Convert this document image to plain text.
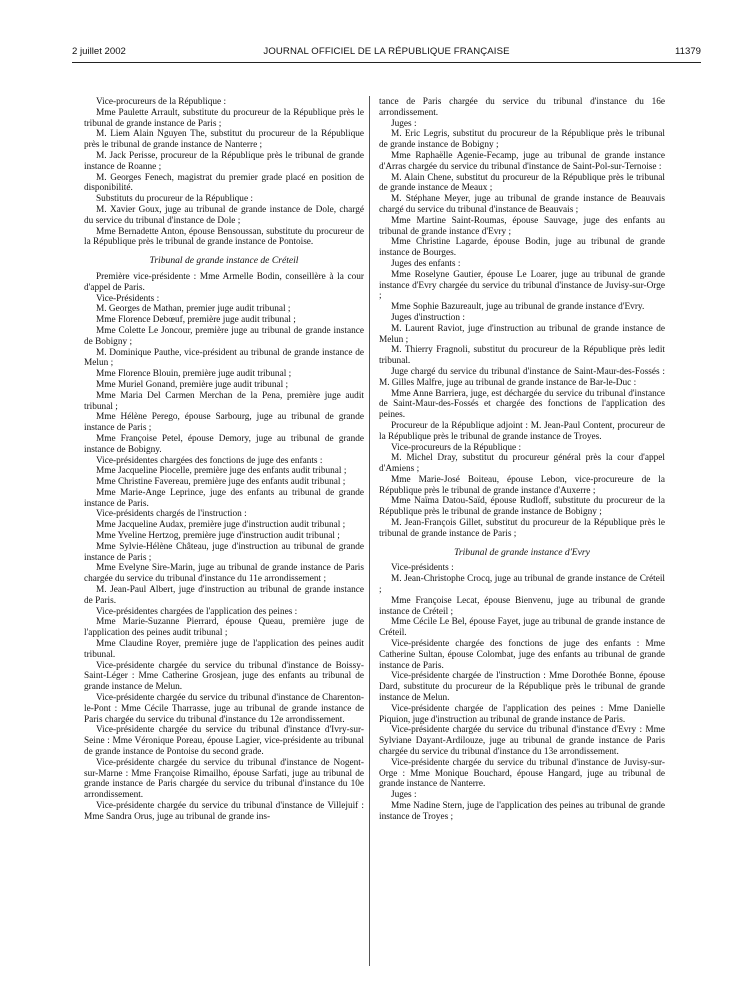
2 juillet 2002	JOURNAL OFFICIEL DE LA RÉPUBLIQUE FRANÇAISE	11379

Vice-procureurs de la République :

Mme Paulette Arrault, substitute du procureur de la République près le tribunal de grande instance de Paris ;

M. Liem Alain Nguyen The, substitut du procureur de la République près le tribunal de grande instance de Nanterre ;

M. Jack Perisse, procureur de la République près le tribunal de grande instance de Roanne ;

M. Georges Fenech, magistrat du premier grade placé en position de disponibilité.

Substituts du procureur de la République :

M. Xavier Goux, juge au tribunal de grande instance de Dole, chargé du service du tribunal d'instance de Dole ;

Mme Bernadette Anton, épouse Bensoussan, substitute du procureur de la République près le tribunal de grande instance de Pontoise.

Tribunal de grande instance de Créteil

Première vice-présidente : Mme Armelle Bodin, conseillère à la cour d'appel de Paris.

Vice-Présidents :

M. Georges de Mathan, premier juge audit tribunal ;

Mme Florence Debœuf, première juge audit tribunal ;

Mme Colette Le Joncour, première juge au tribunal de grande instance de Bobigny ;

M. Dominique Pauthe, vice-président au tribunal de grande instance de Melun ;

Mme Florence Blouin, première juge audit tribunal ;

Mme Muriel Gonand, première juge audit tribunal ;

Mme Maria Del Carmen Merchan de la Pena, première juge audit tribunal ;

Mme Hélène Perego, épouse Sarbourg, juge au tribunal de grande instance de Paris ;

Mme Françoise Petel, épouse Demory, juge au tribunal de grande instance de Bobigny.

Vice-présidentes chargées des fonctions de juge des enfants :

Mme Jacqueline Piocelle, première juge des enfants audit tribunal ;

Mme Christine Favereau, première juge des enfants audit tribunal ;

Mme Marie-Ange Leprince, juge des enfants au tribunal de grande instance de Paris.

Vice-présidents chargés de l'instruction :

Mme Jacqueline Audax, première juge d'instruction audit tribunal ;

Mme Yveline Hertzog, première juge d'instruction audit tribunal ;

Mme Sylvie-Hélène Château, juge d'instruction au tribunal de grande instance de Paris ;

Mme Evelyne Sire-Marin, juge au tribunal de grande instance de Paris chargée du service du tribunal d'instance du 11e arrondissement ;

M. Jean-Paul Albert, juge d'instruction au tribunal de grande instance de Paris.

Vice-présidentes chargées de l'application des peines :

Mme Marie-Suzanne Pierrard, épouse Queau, première juge de l'application des peines audit tribunal ;

Mme Claudine Royer, première juge de l'application des peines audit tribunal.

Vice-présidente chargée du service du tribunal d'instance de Boissy-Saint-Léger : Mme Catherine Grosjean, juge des enfants au tribunal de grande instance de Melun.

Vice-présidente chargée du service du tribunal d'instance de Charenton-le-Pont : Mme Cécile Tharrasse, juge au tribunal de grande instance de Paris chargée du service du tribunal d'instance du 12e arrondissement.

Vice-présidente chargée du service du tribunal d'instance d'Ivry-sur-Seine : Mme Véronique Poreau, épouse Lagier, vice-présidente au tribunal de grande instance de Pontoise du second grade.

Vice-présidente chargée du service du tribunal d'instance de Nogent-sur-Marne : Mme Françoise Rimailho, épouse Sarfati, juge au tribunal de grande instance de Paris chargée du service du tribunal d'instance du 10e arrondissement.

Vice-présidente chargée du service du tribunal d'instance de Villejuif : Mme Sandra Orus, juge au tribunal de grande ins-

tance de Paris chargée du service du tribunal d'instance du 16e arrondissement.

Juges :

M. Eric Legris, substitut du procureur de la République près le tribunal de grande instance de Bobigny ;

Mme Raphaëlle Agenie-Fecamp, juge au tribunal de grande instance d'Arras chargée du service du tribunal d'instance de Saint-Pol-sur-Ternoise :

M. Alain Chene, substitut du procureur de la République près le tribunal de grande instance de Meaux ;

M. Stéphane Meyer, juge au tribunal de grande instance de Beauvais chargé du service du tribunal d'instance de Beauvais ;

Mme Martine Saint-Roumas, épouse Sauvage, juge des enfants au tribunal de grande instance d'Evry ;

Mme Christine Lagarde, épouse Bodin, juge au tribunal de grande instance de Bourges.

Juges des enfants :

Mme Roselyne Gautier, épouse Le Loarer, juge au tribunal de grande instance d'Evry chargée du service du tribunal d'instance de Juvisy-sur-Orge ;

Mme Sophie Bazureault, juge au tribunal de grande instance d'Evry.

Juges d'instruction :

M. Laurent Raviot, juge d'instruction au tribunal de grande instance de Melun ;

M. Thierry Fragnoli, substitut du procureur de la République près ledit tribunal.

Juge chargé du service du tribunal d'instance de Saint-Maur-des-Fossés : M. Gilles Malfre, juge au tribunal de grande instance de Bar-le-Duc :

Mme Anne Barriera, juge, est déchargée du service du tribunal d'instance de Saint-Maur-des-Fossés et chargée des fonctions de l'application des peines.

Procureur de la République adjoint : M. Jean-Paul Content, procureur de la République près le tribunal de grande instance de Troyes.

Vice-procureurs de la République :

M. Michel Dray, substitut du procureur général près la cour d'appel d'Amiens ;

Mme Marie-José Boiteau, épouse Lebon, vice-procureure de la République près le tribunal de grande instance d'Auxerre ;

Mme Naïma Datou-Saïd, épouse Rudloff, substitute du procureur de la République près le tribunal de grande instance de Bobigny ;

M. Jean-François Gillet, substitut du procureur de la République près le tribunal de grande instance de Paris ;

Tribunal de grande instance d'Evry

Vice-présidents :

M. Jean-Christophe Crocq, juge au tribunal de grande instance de Créteil ;

Mme Françoise Lecat, épouse Bienvenu, juge au tribunal de grande instance de Créteil ;

Mme Cécile Le Bel, épouse Fayet, juge au tribunal de grande instance de Créteil.

Vice-présidente chargée des fonctions de juge des enfants : Mme Catherine Sultan, épouse Colombat, juge des enfants au tribunal de grande instance de Paris.

Vice-présidente chargée de l'instruction : Mme Dorothée Bonne, épouse Dard, substitute du procureur de la République près le tribunal de grande instance de Melun.

Vice-présidente chargée de l'application des peines : Mme Danielle Piquion, juge d'instruction au tribunal de grande instance de Paris.

Vice-présidente chargée du service du tribunal d'instance d'Evry : Mme Sylviane Dayant-Ardilouze, juge au tribunal de grande instance de Paris chargée du service du tribunal d'instance du 13e arrondissement.

Vice-présidente chargée du service du tribunal d'instance de Juvisy-sur-Orge : Mme Monique Bouchard, épouse Hangard, juge au tribunal de grande instance de Nanterre.

Juges :

Mme Nadine Stern, juge de l'application des peines au tribunal de grande instance de Troyes ;
